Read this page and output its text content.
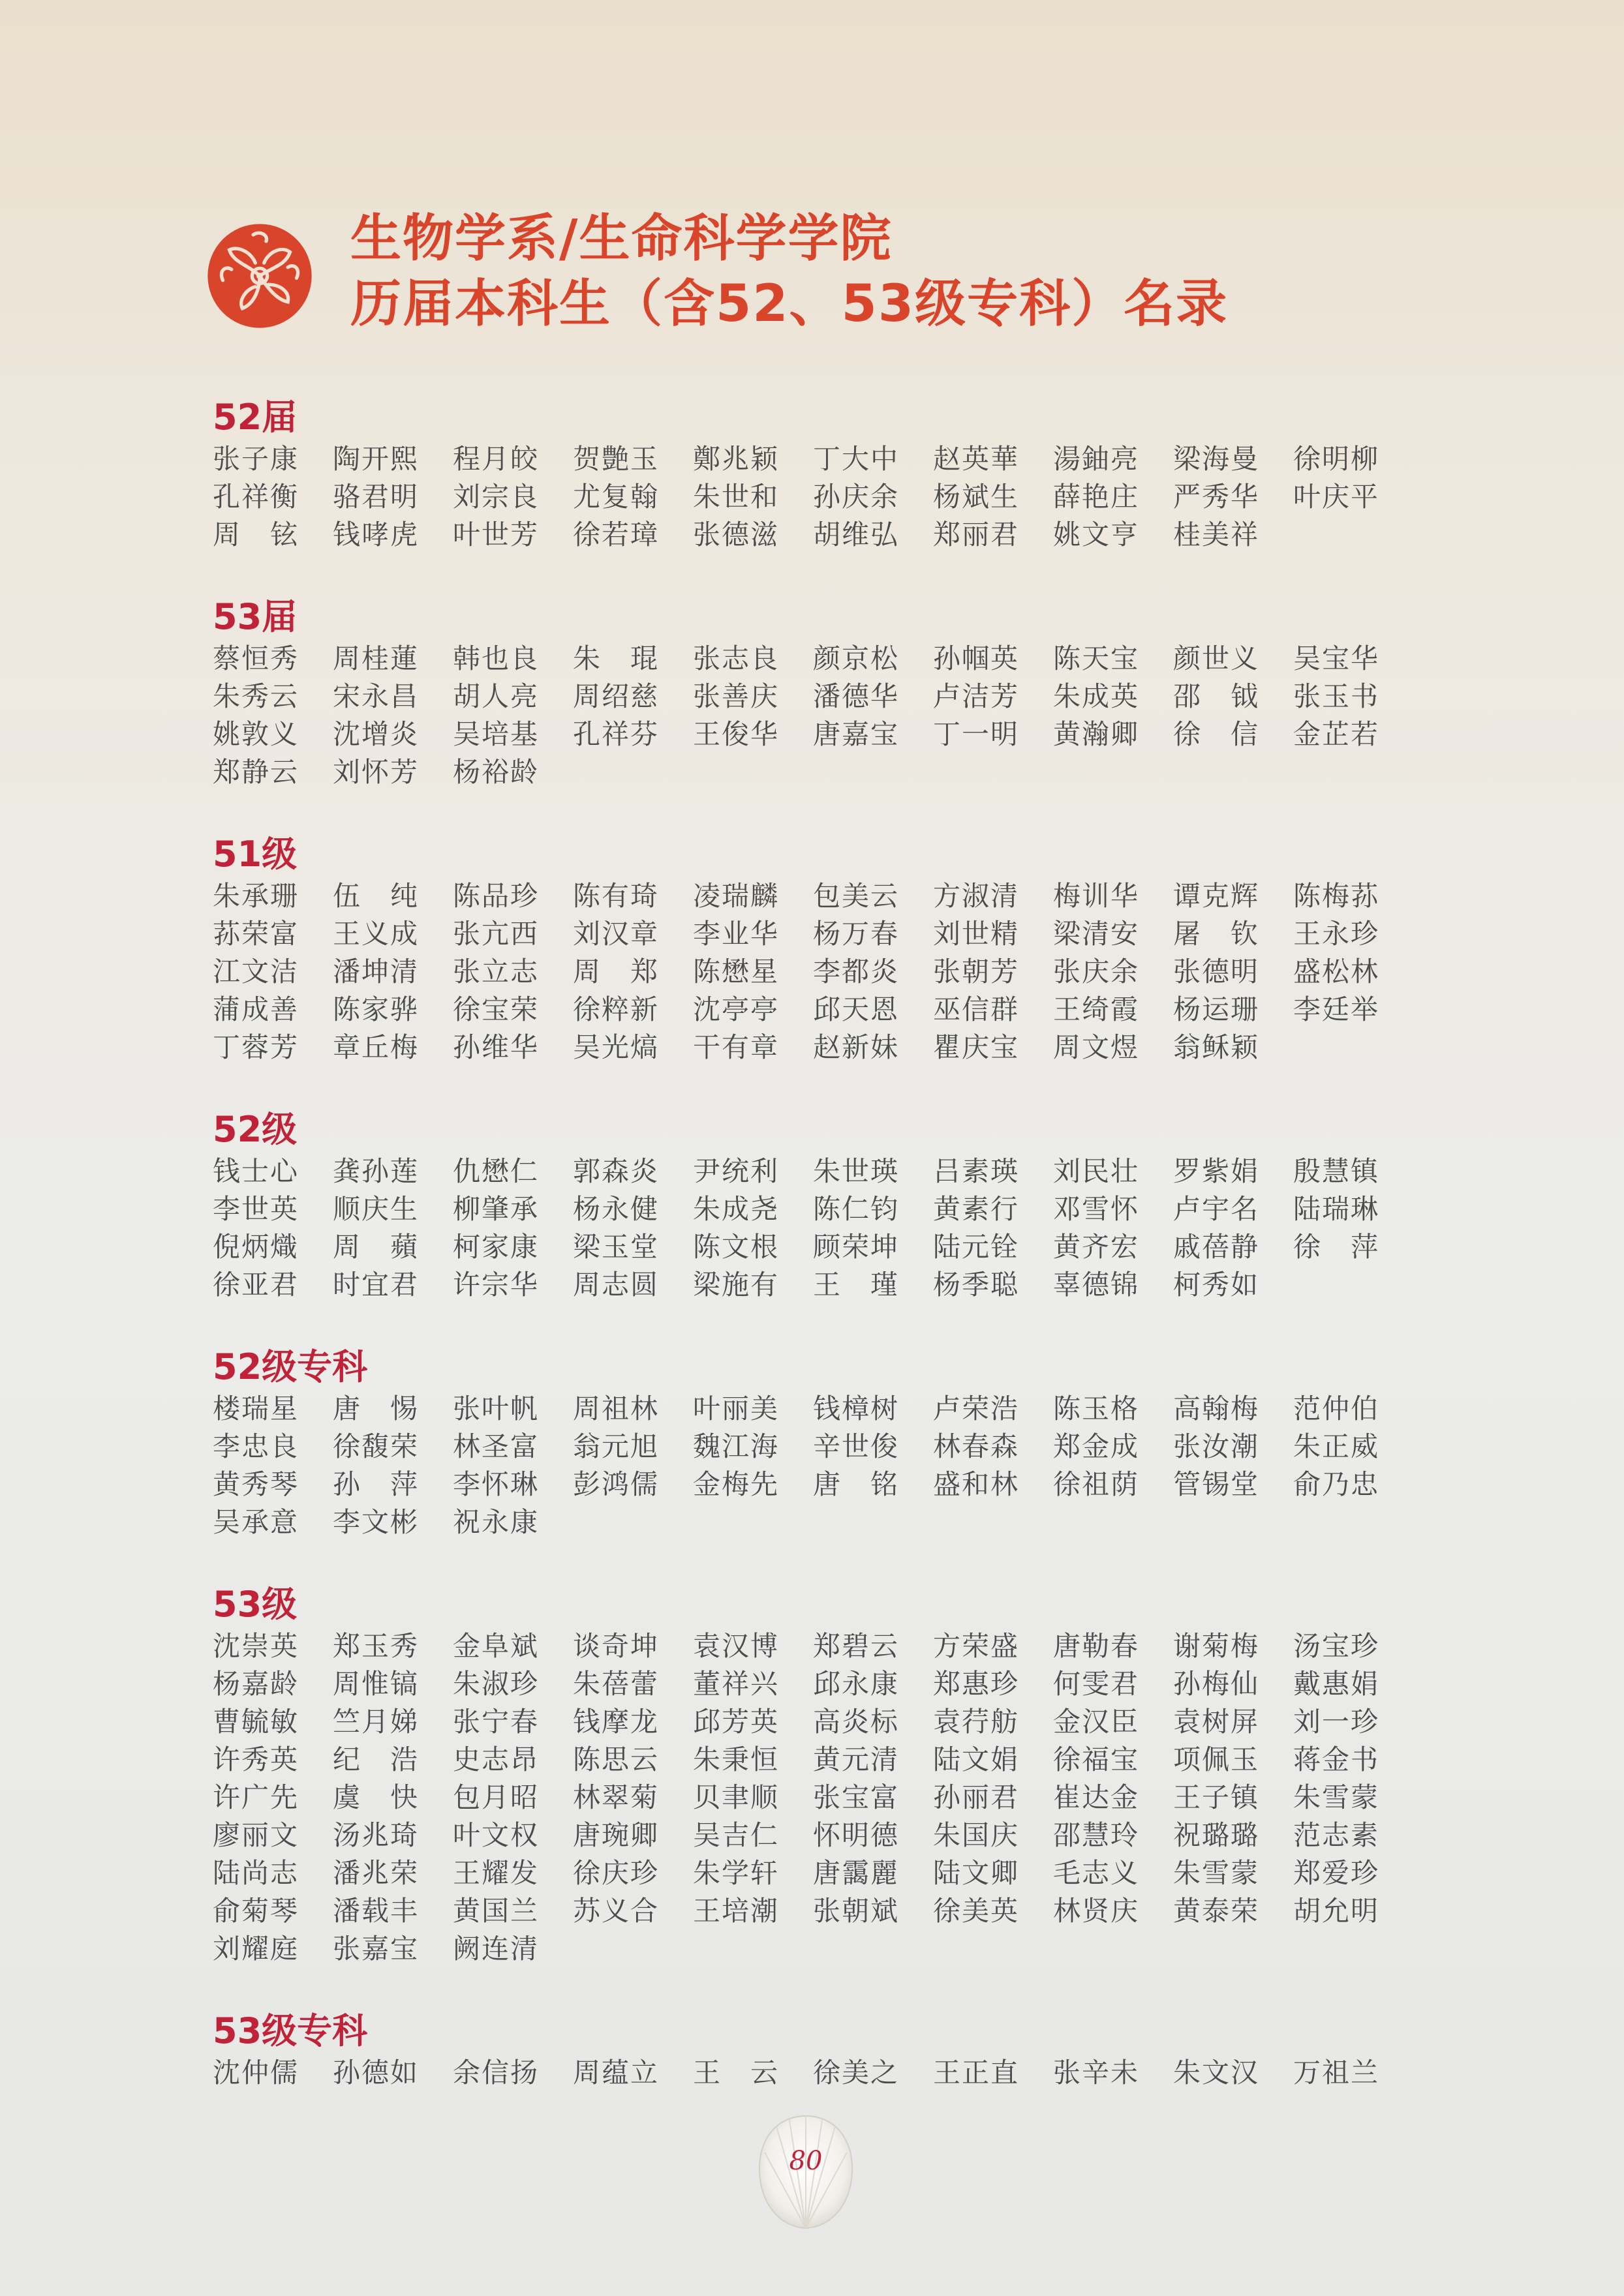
生物学系/生命科学学院
历届本科生（含52、53级专科）名录
52届
张子康	陶开熙	程月皎	贺艶玉	鄭兆颖	丁大中	赵英華	湯鈾亮	梁海曼	徐明柳
孔祥衡	骆君明	刘宗良	尤复翰	朱世和	孙庆余	杨斌生	薛艳庄	严秀华	叶庆平
周　铉	钱哮虎	叶世芳	徐若璋	张德滋	胡维弘	郑丽君	姚文亨	桂美祥
53届
蔡恒秀	周桂蓮	韩也良	朱　琨	张志良	颜京松	孙帼英	陈天宝	颜世义	吴宝华
朱秀云	宋永昌	胡人亮	周绍慈	张善庆	潘德华	卢洁芳	朱成英	邵　钺	张玉书
姚敦义	沈增炎	吴培基	孔祥芬	王俊华	唐嘉宝	丁一明	黄瀚卿	徐　信	金芷若
郑静云	刘怀芳	杨裕龄
51级
朱承珊	伍　纯	陈品珍	陈有琦	凌瑞麟	包美云	方淑清	梅训华	谭克辉	陈梅荪
荪荣富	王义成	张亢西	刘汉章	李业华	杨万春	刘世精	梁清安	屠　钦	王永珍
江文洁	潘坤清	张立志	周　郑	陈懋星	李都炎	张朝芳	张庆余	张德明	盛松林
蒲成善	陈家骅	徐宝荣	徐粹新	沈亭亭	邱天恩	巫信群	王绮霞	杨运珊	李廷举
丁蓉芳	章丘梅	孙维华	吴光熇	干有章	赵新妹	瞿庆宝	周文煜	翁稣颖
52级
钱士心	龚孙莲	仇懋仁	郭森炎	尹统利	朱世瑛	吕素瑛	刘民壮	罗紫娟	殷慧镇
李世英	顺庆生	柳肇承	杨永健	朱成尧	陈仁钧	黄素行	邓雪怀	卢宇名	陆瑞琳
倪炳熾	周　蘋	柯家康	梁玉堂	陈文根	顾荣坤	陆元铨	黄齐宏	戚蓓静	徐　萍
徐亚君	时宜君	许宗华	周志圆	梁施有	王　瑾	杨季聪	辜德锦	柯秀如
52级专科
楼瑞星	唐　惕	张叶帆	周祖林	叶丽美	钱樟树	卢荣浩	陈玉格	高翰梅	范仲伯
李忠良	徐馥荣	林圣富	翁元旭	魏江海	辛世俊	林春森	郑金成	张汝潮	朱正威
黄秀琴	孙　萍	李怀琳	彭鸿儒	金梅先	唐　铭	盛和林	徐祖荫	管锡堂	俞乃忠
吴承意	李文彬	祝永康
53级
沈崇英	郑玉秀	金阜斌	谈奇坤	袁汉博	郑碧云	方荣盛	唐勒春	谢菊梅	汤宝珍
杨嘉龄	周惟镐	朱淑珍	朱蓓蕾	董祥兴	邱永康	郑惠珍	何雯君	孙梅仙	戴惠娟
曹毓敏	竺月娣	张宁春	钱摩龙	邱芳英	高炎标	袁荇舫	金汉臣	袁树屏	刘一珍
许秀英	纪　浩	史志昂	陈思云	朱秉恒	黄元清	陆文娟	徐福宝	项佩玉	蒋金书
许广先	虞　快	包月昭	林翠菊	贝聿顺	张宝富	孙丽君	崔达金	王子镇	朱雪蒙
廖丽文	汤兆琦	叶文权	唐琬卿	吴吉仁	怀明德	朱国庆	邵慧玲	祝璐璐	范志素
陆尚志	潘兆荣	王耀发	徐庆珍	朱学轩	唐靄麗	陆文卿	毛志义	朱雪蒙	郑爱珍
俞菊琴	潘载丰	黄国兰	苏义合	王培潮	张朝斌	徐美英	林贤庆	黄泰荣	胡允明
刘耀庭	张嘉宝	阙连清
53级专科
沈仲儒	孙德如	余信扬	周蕴立	王　云	徐美之	王正直	张辛未	朱文汉	万祖兰
80
